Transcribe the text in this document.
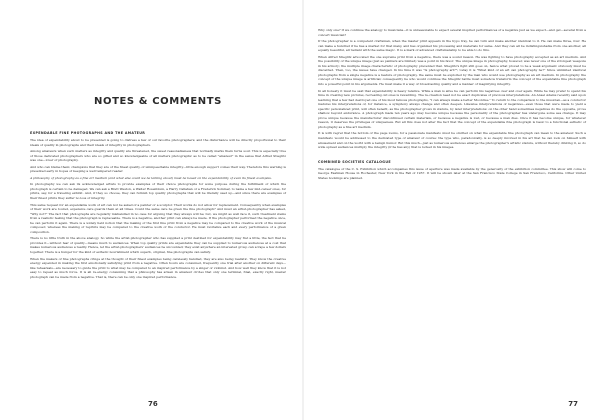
NOTES & COMMENTS
EXPENDABLE FINE PHOTOGRAPHS AND THE AMATEUR

The idea of expendability about to be presented is going to distress a few of our favorite photographers; and the disturbance will be directly proportional to their ideals of quality in photographs and their ideals of integrity in photographers.

Among amateurs when such matters as integrity and quality are threatened, the sweet reasonableness that normally marks them turns sour. This is especially true of those dedicated photographers who are so gifted and so knowledgeable of all matters photographic as to be called "amateur" in the sense that Alfred Stieglitz was one—lover of photography.

And who can blame them; champions that they are of the finest quality, of unimpeachable integrity—little enough support comes their way. Therefore this warning is presented early in hopes of keeping a well tempered reader.

A philosophy of photography as a fine art medium (and what else could we be talking about) must be based on the expendability of even its finest examples.

In photography we can ask its acknowledged artists to provide examples of their choice photographs for some purpose during the fulfillment of which the photograph is certain to be damaged. We can ask a Brett Weston, a Walter Rosenblum, a Harry Callahan or a Frederick Sommer, to name a few mid-career ones, for prints, say, for a traveling exhibit. And, if they so choose, they can furnish top quality photographs that will be literally used up—and since there are examples of their finest prints they suffer no loss of integrity.

This same request for an expendable work of art can not be asked of a painter or a sculptor. Their works do not allow for replacement. Consequently when examples of their work are toured, expensive care guards them at all times. Could the same care be given the fine photograph? And must an artist-photographer has asked, "Why not?" The fact that photographs are regularly mishandled in no case for arguing that they always will be; but, we might as well face it, such treatment stems from a realistic feeling that the photograph is replaceable. There is a negative, another print can always be made. If the photographer performed the negative once, he can perform it again. There is a widely held notion that the making of the first fine print from a negative may be compared to the creative work of the musical composer; whereas the making of reprints may be compared to the creative work of the conductor. He must revitalize each and every performance of a given composition.

There is no little truth in the above analogy. So while the artist-photographer who has supplied a print destined for expendability may fret a little, the fact that he provides it—without fear of quality—means much to audiences. When top quality prints are expendable they can be supplied to numerous audiences at a cost that makes numerous audiences a reality. Hence, let the artist-photographers' audiences be uncounted; they exist anywhere an interested group can scrape a few dollars together. There is a hunger for the kind of esthetic nourishment which superb, original, fine photographs can satisfy.

When the makers of fine photographs cringe at the thought of their finest examples being carelessly handled, they are also being realistic. They know the creative energy expended in making the first emotionally satisfying print from a negative. Often hours are consumed, frequently one trial after another on different days—like rehearsals—are necessary to guide the print to what may be compared to an inspired performance by a singer or violinist. And how well they know that it is not easy to repeat as much force. It is all re-energy consuming that a philosophy has arisen in amateur circles that only one terminal, final, exactly right, master photograph can be made from a negative. That is, there can be only one inspired performance.

76

Why only one? If we continue the analogy to musicians—it is unreasonable to expect several inspired performances of a negative just as we expect—and get—several from a concert musician?

If the photographer is a competent craftsman, when the master print appears in the hypo tray, he can turn and make another identical to it. He can make three, four. He can make a hundred if he has a market for that many, and has organized his processing and materials for same. And they can all be indistinguishable from one another, all equally beautiful, all radiant with the same magic. It is a mark of advanced craftsmanship to be able to do this.

When Alfred Stieglitz advocated the one supreme print from a negative, there was a sound reason. He was fighting to have photography accepted as an art medium. And the possibility of the unique image (just as painters are limited) was a point in his favor. The unique image in photography, however, was never one of the strongest weapons in his armory; the multiple image characteristic of photography prevented that. Stieglitz's fight still goes on, hence what proved to be a weak argument obviously must be discarded. Then, too, the issues have changed. In his time it was "Is photography art?"; today it is "What kind of an art can photography be?" Since unlimited identical photographs from a single negative is a feature of photography, the same must be exploited by the man who would use photography as an art medium. In photography the concept of the unique image is artificial; consequently he who would continue the Stieglitz battle must somehow transform the concept of the expendable fine photograph into a powerful point in his arguments. He must make it a way of broadcasting quality and a manner of magnifying integrity.

In all honesty it must be said that expendability is heavy relative. While a man is alive he can perform his negatives over and over again. While he may prefer to spend his time in creating new pictures, recreating old ones is rewarding. The re-creation need not be exact duplicates of previous interpretations. An Ansel Adams recently said upon learning that a few had destroyed one of his most famous photographs, "I can always make a better Moonrise." To return to the comparison to the musician—as a conductor matures his interpretations of, for instance, a symphony always change and often deepen. Likewise interpretations of negatives—even those that were made to yield a specific personalized print, will often benefit, as the photographer grows in stature, by later interpretations: on the other hand sometimes negatives do the opposite, prove shallow beyond endurance. A photograph made ten years ago may become unique because the personality of the photographer has undergone some sea change. It may prove unique because the manufacturer discontinued certain materials, or because a negative is lost, or because a man dies. Once it has become unique, for whatever reason, it deserves the privileges of uniqueness. But all this does not alter the fact that the concept of the expendable fine photograph is basic to a functional esthetic of photography as a fine art medium.

It is with regret that the bottom of the page looms, for a passionate manifesto must be omitted on what the expendable fine photograph can mean to the amateur. Such a manifesto would be addressed to the dedicated type of amateur of course: the type who, paradoxically, is so deeply involved in his art that he can look on himself with amusement and on the world with a benign humor. But this much—just as numerous audiences enlarge the photographer's artistic stature, without thereby diluting it, so do wide spread audiences multiply the integrity (if he has any) that is locked in his images.

COMBINED SOCIETIES CATALOGUE

The catalogue of the C. S. Exhibition which accompanies this issue of aperture was made available by the generosity of the exhibition committee. This show will come to George Eastman House in Rochester, New York in the Fall of 1957. It will be shown later at the San Francisco State College in San Francisco, California. Other United States bookings are planned.

77
